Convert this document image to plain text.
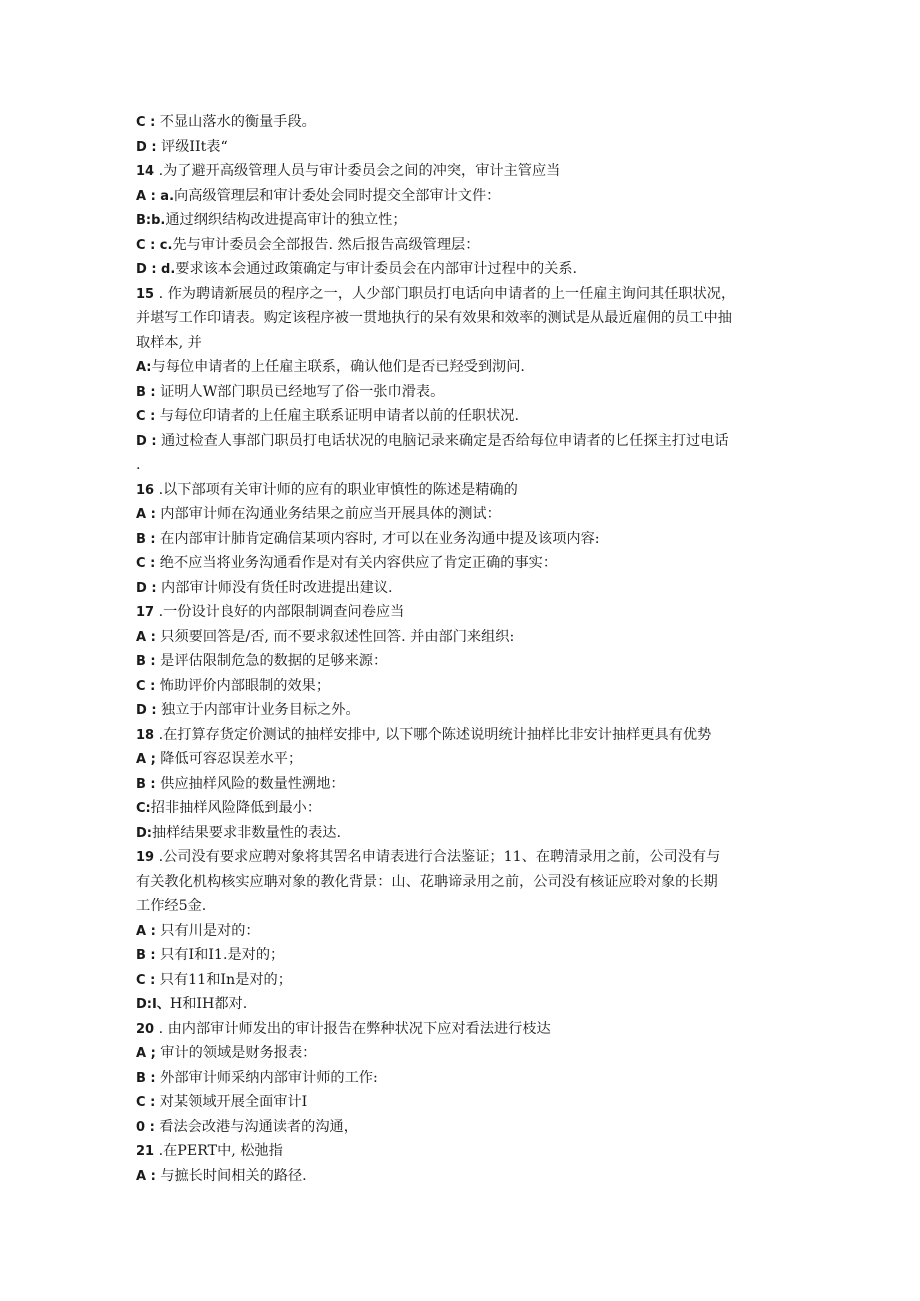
C : 不显山落水的衡量手段。
D : 评级IIt表“
14 .为了避开高级管理人员与审计委员会之间的冲突，审计主管应当
A : a.向高级管理层和审计委处会同时提交全部审计文件：
B:b.通过纲织结构改进提高审计的独立性；
C : c.先与审计委员会全部报告. 然后报告高级管理层：
D : d.要求该本会通过政策确定与审计委员会在内部审计过程中的关系.
15 . 作为聘请新展员的程序之一，人少部门职员打电话向申请者的上一任雇主询问其任职状况，
并堪写工作印请表。购定该程序被一贯地执行的呆有效果和效率的测试是从最近雇佣的员工中抽
取样本, 并
A:与每位申请者的上任雇主联系，确认他们是否已羟受到沏问.
B : 证明人W部门职员已经地写了俗一张巾滑表。
C : 与每位印请者的上任雇主联系证明申请者以前的任职状况.
D : 通过检查人事部门职员打电话状况的电脑记录来确定是否给每位申请者的匕任探主打过电话
.
16 .以下部项有关审计师的应有的职业审慎性的陈述是精确的
A : 内部审计师在沟通业务结果之前应当开展具体的测试：
B : 在内部审计肺肯定确信某项内容时, 才可以在业务沟通中提及该项内容:
C : 绝不应当将业务沟通看作是对有关内容供应了肯定正确的事实：
D : 内部审计师没有货任时改进提出建议.
17 .一份设计良好的内部限制调查问卷应当
A : 只须要回答是/否, 而不要求叙述性回答. 并由部门来组织:
B : 是评估限制危急的数据的足够来源：
C : 怖助评价内部眼制的效果；
D : 独立于内部审计业务目标之外。
18 .在打算存货定价测试的抽样安排中, 以下哪个陈述说明统计抽样比非安计抽样更具有优势
A ; 降低可容忍误差水平；
B : 供应抽样风险的数量性溯地：
C:招非抽样风险降低到最小：
D:抽样结果要求非数量性的表达.
19 .公司没有要求应聘对象将其罟名申请表进行合法鉴证；11、在聘清录用之前，公司没有与
有关教化机构核实应聃对象的教化背景：山、花聃谛录用之前，公司没有核证应聆对象的长期
工作经5金.
A : 只有川是对的：
B : 只有I和I1.是对的；
C : 只有11和In是对的；
D:I、H和IH都对.
20 . 由内部审计师发出的审计报告在弊种状况下应对看法进行枝达
A ; 审计的领域是财务报表：
B : 外部审计师采纳内部审计师的工作:
C : 对某领域开展全面审计I
0 : 看法会改港与沟通读者的沟通，
21 .在PERT中, 松弛指
A : 与摭长时间相关的路径.
